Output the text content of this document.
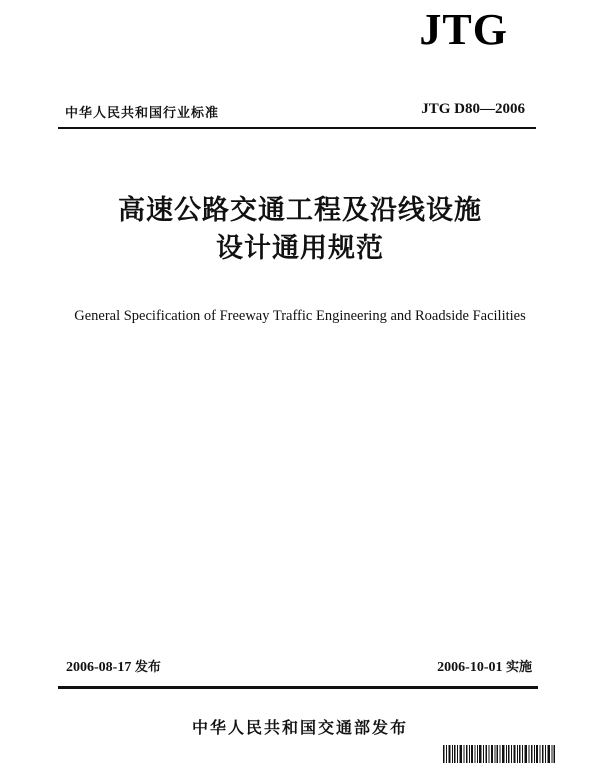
JTG
中华人民共和国行业标准	JTG D80—2006
高速公路交通工程及沿线设施
设计通用规范
General Specification of Freeway Traffic Engineering and Roadside Facilities
2006-08-17 发布	2006-10-01 实施
中华人民共和国交通部发布
